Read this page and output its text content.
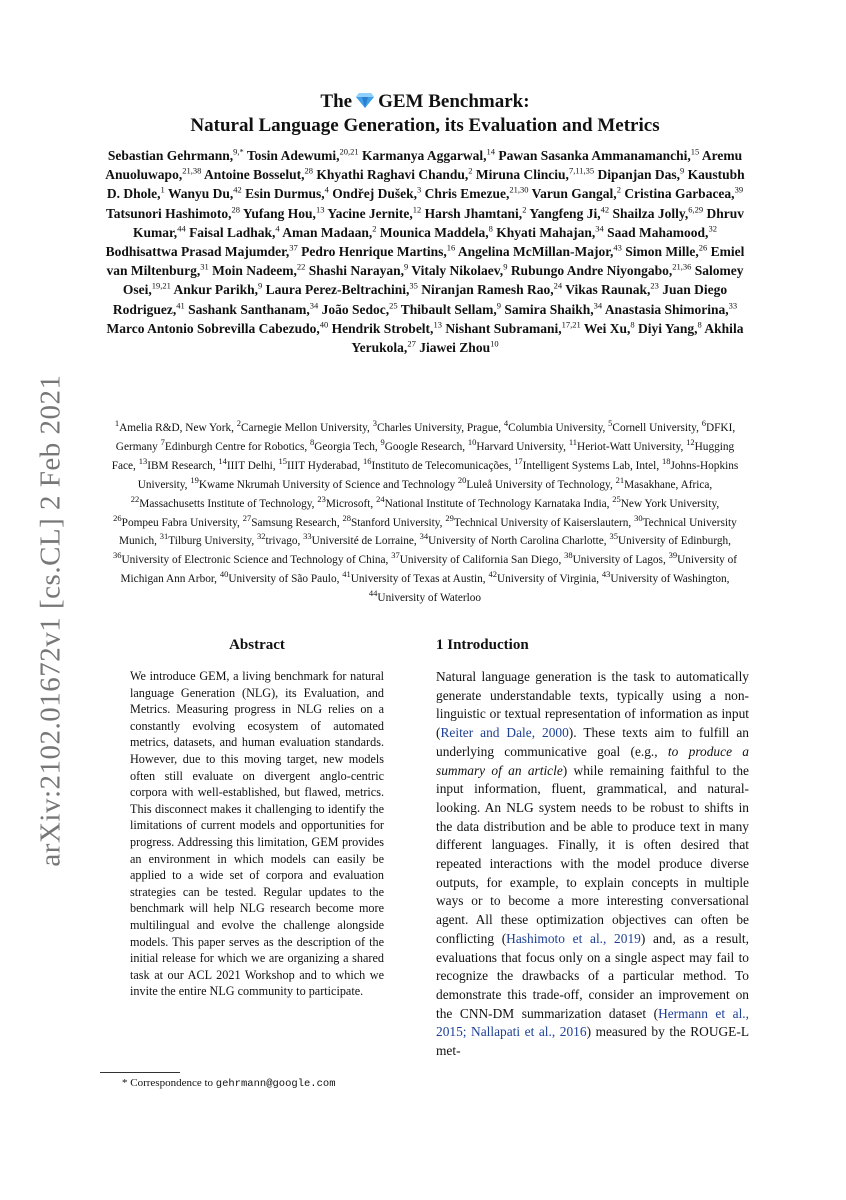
arXiv:2102.01672v1 [cs.CL] 2 Feb 2021

The GEM Benchmark:

Natural Language Generation, its Evaluation and Metrics

Sebastian Gehrmann,$^{9,*}$ Tosin Adewumi,$^{20,21}$ Karmanya Aggarwal,$^{14}$ Pawan Sasanka Ammanamanchi,$^{15}$ Aremu Anuoluwapo,$^{21,38}$ Antoine Bosselut,$^{28}$ Khyathi Raghavi Chandu,$^2$ Miruna Clinciu,$^{7,11,35}$ Dipanjan Das,$^9$ Kaustubh D. Dhole,$^1$ Wanyu Du,$^{42}$ Esin Durmus,$^4$ Ondřej Dušek,$^3$ Chris Emezue,$^{21,30}$ Varun Gangal,$^2$ Cristina Garbacea,$^{39}$ Tatsunori Hashimoto,$^{28}$ Yufang Hou,$^{13}$ Yacine Jernite,$^{12}$ Harsh Jhamtani,$^2$ Yangfeng Ji,$^{42}$ Shailza Jolly,$^{6,29}$ Dhruv Kumar,$^{44}$ Faisal Ladhak,$^4$ Aman Madaan,$^2$ Mounica Maddela,$^8$ Khyati Mahajan,$^{34}$ Saad Mahamood,$^{32}$ Bodhisattwa Prasad Majumder,$^{37}$ Pedro Henrique Martins,$^{16}$ Angelina McMillan-Major,$^{43}$ Simon Mille,$^{26}$ Emiel van Miltenburg,$^{31}$ Moin Nadeem,$^{22}$ Shashi Narayan,$^9$ Vitaly Nikolaev,$^9$ Rubungo Andre Niyongabo,$^{21,36}$ Salomey Osei,$^{19,21}$ Ankur Parikh,$^9$ Laura Perez-Beltrachini,$^{35}$ Niranjan Ramesh Rao,$^{24}$ Vikas Raunak,$^{23}$ Juan Diego Rodriguez,$^{41}$ Sashank Santhanam,$^{34}$ João Sedoc,$^{25}$ Thibault Sellam,$^9$ Samira Shaikh,$^{34}$ Anastasia Shimorina,$^{33}$ Marco Antonio Sobrevilla Cabezudo,$^{40}$ Hendrik Strobelt,$^{13}$ Nishant Subramani,$^{17,21}$ Wei Xu,$^8$ Diyi Yang,$^8$ Akhila Yerukola,$^{27}$ Jiawei Zhou$^{10}$
$^1$Amelia R&D, New York, $^2$Carnegie Mellon University, $^3$Charles University, Prague, $^4$Columbia University, $^5$Cornell University, $^6$DFKI, Germany $^7$Edinburgh Centre for Robotics, $^8$Georgia Tech, $^9$Google Research, $^{10}$Harvard University, $^{11}$Heriot-Watt University, $^{12}$Hugging Face, $^{13}$IBM Research, $^{14}$IIIT Delhi, $^{15}$IIIT Hyderabad, $^{16}$Instituto de Telecomunicações, $^{17}$Intelligent Systems Lab, Intel, $^{18}$Johns-Hopkins University, $^{19}$Kwame Nkrumah University of Science and Technology $^{20}$Luleå University of Technology, $^{21}$Masakhane, Africa, $^{22}$Massachusetts Institute of Technology, $^{23}$Microsoft, $^{24}$National Institute of Technology Karnataka India, $^{25}$New York University, $^{26}$Pompeu Fabra University, $^{27}$Samsung Research, $^{28}$Stanford University, $^{29}$Technical University of Kaiserslautern, $^{30}$Technical University Munich, $^{31}$Tilburg University, $^{32}$trivago, $^{33}$Université de Lorraine, $^{34}$University of North Carolina Charlotte, $^{35}$University of Edinburgh, $^{36}$University of Electronic Science and Technology of China, $^{37}$University of California San Diego, $^{38}$University of Lagos, $^{39}$University of Michigan Ann Arbor, $^{40}$University of São Paulo, $^{41}$University of Texas at Austin, $^{42}$University of Virginia, $^{43}$University of Washington, $^{44}$University of Waterloo
Abstract

We introduce GEM, a living benchmark for natural language Generation (NLG), its Evaluation, and Metrics. Measuring progress in NLG relies on a constantly evolving ecosystem of automated metrics, datasets, and human evaluation standards. However, due to this moving target, new models often still evaluate on divergent anglo-centric corpora with well-established, but flawed, metrics. This disconnect makes it challenging to identify the limitations of current models and opportunities for progress. Addressing this limitation, GEM provides an environment in which models can easily be applied to a wide set of corpora and evaluation strategies can be tested. Regular updates to the benchmark will help NLG research become more multilingual and evolve the challenge alongside models. This paper serves as the description of the initial release for which we are organizing a shared task at our ACL 2021 Workshop and to which we invite the entire NLG community to participate.

1 Introduction

Natural language generation is the task to automatically generate understandable texts, typically using a non-linguistic or textual representation of information as input (Reiter and Dale, 2000). These texts aim to fulfill an underlying communicative goal (e.g., to produce a summary of an article) while remaining faithful to the input information, fluent, grammatical, and natural-looking. An NLG system needs to be robust to shifts in the data distribution and be able to produce text in many different languages. Finally, it is often desired that repeated interactions with the model produce diverse outputs, for example, to explain concepts in multiple ways or to become a more interesting conversational agent. All these optimization objectives can often be conflicting (Hashimoto et al., 2019) and, as a result, evaluations that focus only on a single aspect may fail to recognize the drawbacks of a particular method. To demonstrate this trade-off, consider an improvement on the CNN-DM summarization dataset (Hermann et al., 2015; Nallapati et al., 2016) measured by the ROUGE-L met-

* Correspondence to gehrmann@google.com
